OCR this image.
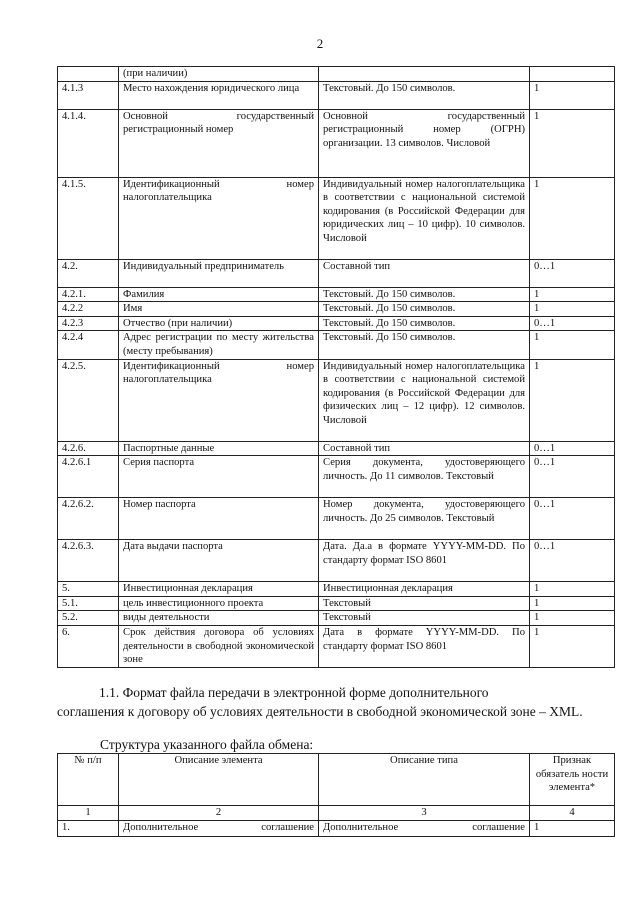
2
	(при наличии)		
4.1.3	Место нахождения юридического лица	Текстовый. До 150 символов.	1
4.1.4.	Основной государственный регистрационный номер	Основной государственный регистрационный номер (ОГРН) организации. 13 символов. Числовой	1
4.1.5.	Идентификационный номер налогоплательщика	Индивидуальный номер налогоплательщика в соответствии с национальной системой кодирования (в Российской Федерации для юридических лиц – 10 цифр). 10 символов. Числовой	1
4.2.	Индивидуальный предприниматель	Составной тип	0…1
4.2.1.	Фамилия	Текстовый. До 150 символов.	1
4.2.2	Имя	Текстовый. До 150 символов.	1
4.2.3	Отчество (при наличии)	Текстовый. До 150 символов.	0…1
4.2.4	Адрес регистрации по месту жительства (месту пребывания)	Текстовый. До 150 символов.	1
4.2.5.	Идентификационный номер налогоплательщика	Индивидуальный номер налогоплательщика в соответствии с национальной системой кодирования (в Российской Федерации для физических лиц – 12 цифр). 12 символов. Числовой	1
4.2.6.	Паспортные данные	Составной тип	0…1
4.2.6.1	Серия паспорта	Серия документа, удостоверяющего личность. До 11 символов. Текстовый	0…1
4.2.6.2.	Номер паспорта	Номер документа, удостоверяющего личность. До 25 символов. Текстовый	0…1
4.2.6.3.	Дата выдачи паспорта	Дата. Да.а в формате YYYY-MM-DD. По стандарту формат ISO 8601	0…1
5.	Инвестиционная декларация	Инвестиционная декларация	1
5.1.	цель инвестиционного проекта	Текстовый	1
5.2.	виды деятельности	Текстовый	1
6.	Срок действия договора об условиях деятельности в свободной экономической зоне	Дата в формате YYYY-MM-DD. По стандарту формат ISO 8601	1
1.1. Формат файла передачи в электронной форме дополнительного
соглашения к договору об условиях деятельности в свободной экономической зоне – XML.
Структура указанного файла обмена:
№ п/п	Описание элемента	Описание типа	Признак обязатель ности элемента*
1	2	3	4
1.	Дополнительное соглашение	Дополнительное соглашение	1
